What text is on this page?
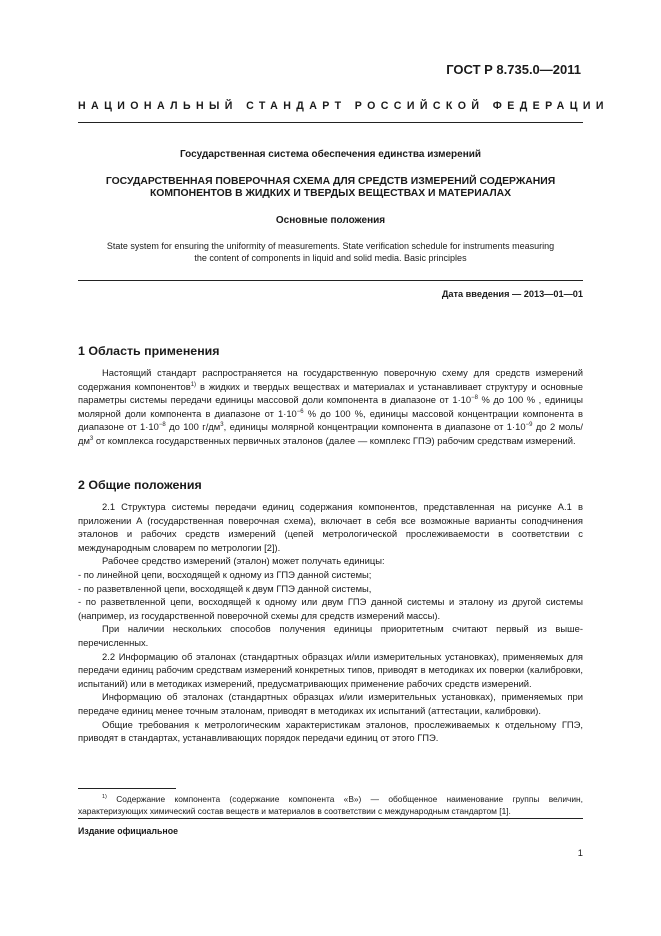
ГОСТ Р 8.735.0—2011
НАЦИОНАЛЬНЫЙ СТАНДАРТ РОССИЙСКОЙ ФЕДЕРАЦИИ
Государственная система обеспечения единства измерений
ГОСУДАРСТВЕННАЯ ПОВЕРОЧНАЯ СХЕМА ДЛЯ СРЕДСТВ ИЗМЕРЕНИЙ СОДЕРЖАНИЯ
КОМПОНЕНТОВ В ЖИДКИХ И ТВЕРДЫХ ВЕЩЕСТВАХ И МАТЕРИАЛАХ
Основные положения
State system for ensuring the uniformity of measurements. State verification schedule for instruments measuring
the content of components in liquid and solid media. Basic principles
Дата введения — 2013—01—01
1 Область применения
Настоящий стандарт распространяется на государственную поверочную схему для средств измерений содержания компонентов$^{1)}$ в жидких и твердых веществах и материалах и устанавливает структуру и основные параметры системы передачи единицы массовой доли компонента в диапазоне от $1\cdot 10^{-8}$ % до 100 % , единицы молярной доли компонента в диапазоне от $1\cdot 10^{-6}$ % до 100 %, единицы массовой концентрации компонента в диапазоне от $1\cdot 10^{-8}$ до 100 $г/дм^3$, единицы молярной концентрации компонента в диапазоне от $1\cdot 10^{-9}$ до 2 моль/$дм^3$ от комплекса государственных первичных эталонов (далее — комплекс ГПЭ) рабочим средствам измерений.
2 Общие положения
2.1 Структура системы передачи единиц содержания компонентов, представленная на рисунке А.1 в приложении А (государственная поверочная схема), включает в себя все возможные варианты соподчинения эталонов и рабочих средств измерений (цепей метрологической прослеживаемости в соответствии с международным словарем по метрологии [2]).
Рабочее средство измерений (эталон) может получать единицы:
- по линейной цепи, восходящей к одному из ГПЭ данной системы;
- по разветвленной цепи, восходящей к двум ГПЭ данной системы,
- по разветвленной цепи, восходящей к одному или двум ГПЭ данной системы и эталону из другой системы (например, из государственной поверочной схемы для средств измерений массы).
При наличии нескольких способов получения единицы приоритетным считают первый из вышеперечисленных.
2.2 Информацию об эталонах (стандартных образцах и/или измерительных установках), применяемых для передачи единиц рабочим средствам измерений конкретных типов, приводят в методиках их поверки (калибровки, испытаний) или в методиках измерений, предусматривающих применение рабочих средств измерений.
Информацию об эталонах (стандартных образцах и/или измерительных установках), применяемых при передаче единиц менее точным эталонам, приводят в методиках их испытаний (аттестации, калибровки).
Общие требования к метрологическим характеристикам эталонов, прослеживаемых к отдельному ГПЭ, приводят в стандартах, устанавливающих порядок передачи единиц от этого ГПЭ.
$^{1)}$ Содержание компонента (содержание компонента «В») — обобщенное наименование группы величин, характеризующих химический состав веществ и материалов в соответствии с международным стандартом [1].
Издание официальное
1
